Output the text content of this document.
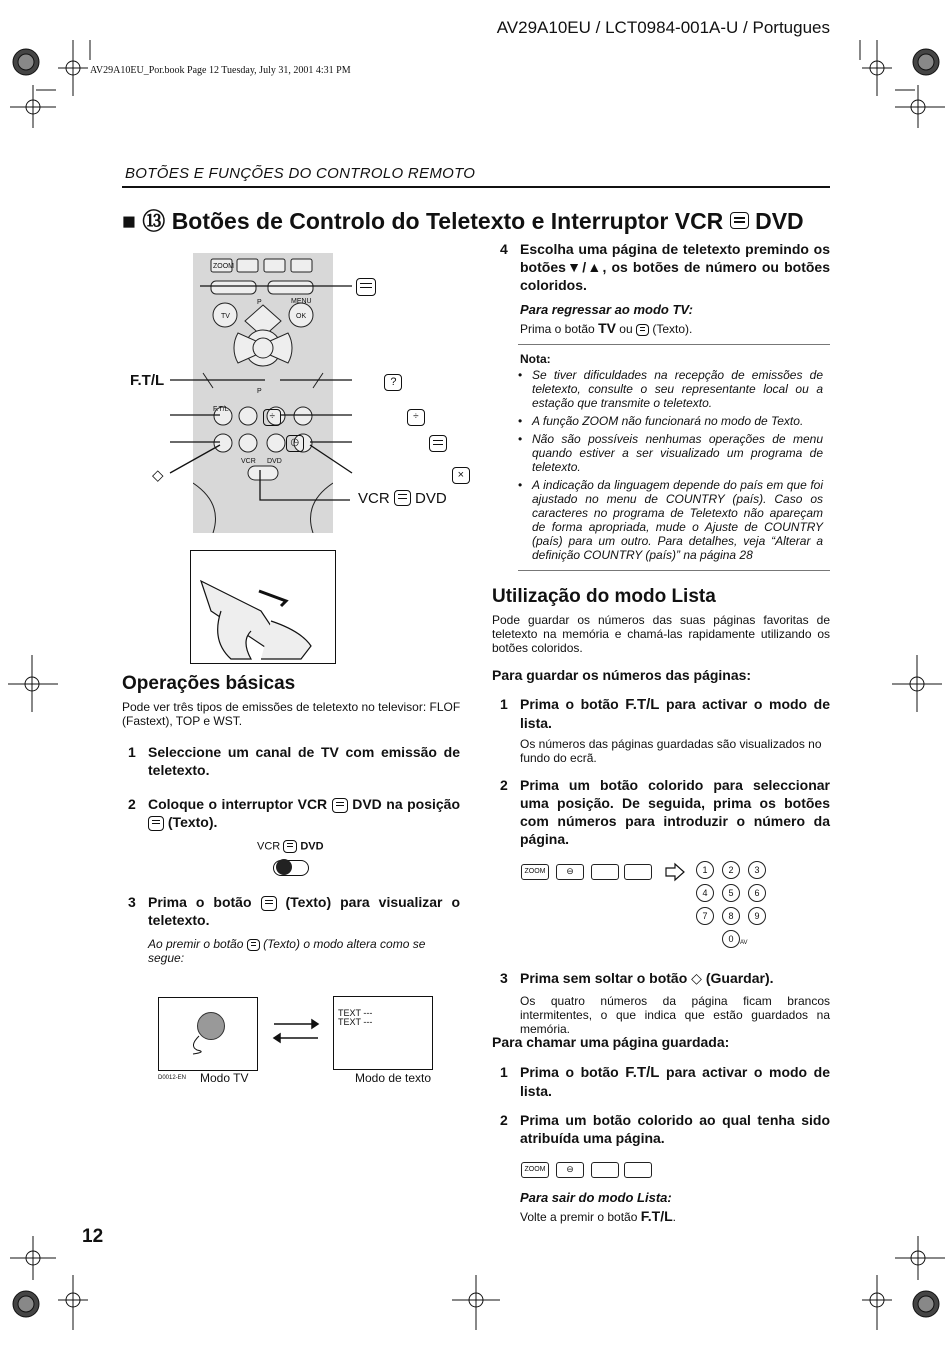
AV29A10EU / LCT0984-001A-U / Portugues
AV29A10EU_Por.book Page 12 Tuesday, July 31, 2001 4:31 PM
BOTÕES E FUNÇÕES DO CONTROLO REMOTO
■ ⑬ Botões de Controlo do Teletexto e Interruptor VCR DVD
ZOOM
MENU
TV	OK
P
P
F.T/L
VCR DVD
F.T/L	? ÷
× ÷ ◷
◇
VCR DVD
Operações básicas
Pode ver três tipos de emissões de teletexto no televisor: FLOF (Fastext), TOP e WST.
1 Seleccione um canal de TV com emissão de teletexto.
2 Coloque o interruptor VCR DVD na posição
(Texto).
VCR DVD
3 Prima o botão (Texto) para visualizar o teletexto.
Ao premir o botão (Texto) o modo altera como se segue:
TEXT ---
TEXT ---
D0012-EN Modo TV	Modo de texto
12
4 Escolha uma página de teletexto premindo os botões▼/▲, os botões de número ou botões coloridos.
Para regressar ao modo TV:
Prima o botão TV ou (Texto).
Nota:
• Se tiver dificuldades na recepção de emissões de teletexto, consulte o seu representante local ou a estação que transmite o teletexto.
• A função ZOOM não funcionará no modo de Texto.
• Não são possíveis nenhumas operações de menu quando estiver a ser visualizado um programa de teletexto.
• A indicação da linguagem depende do país em que foi ajustado no menu de COUNTRY (país). Caso os caracteres no programa de Teletexto não apareçam de forma apropriada, mude o Ajuste de COUNTRY (país) para um outro. Para detalhes, veja “Alterar a definição COUNTRY (país)” na página 28
Utilização do modo Lista
Pode guardar os números das suas páginas favoritas de teletexto na memória e chamá-las rapidamente utilizando os botões coloridos.
Para guardar os números das páginas:
1 Prima o botão F.T/L para activar o modo de lista.
Os números das páginas guardadas são visualizados no fundo do ecrã.
2 Prima um botão colorido para seleccionar uma posição. De seguida, prima os botões com números para introduzir o número da página.
ZOOM	⊖	1	2	3
4	5	6
7	8	9
0	AV
3 Prima sem soltar o botão ◇ (Guardar).
Os quatro números da página ficam brancos intermitentes, o que indica que estão guardados na memória.
Para chamar uma página guardada:
1 Prima o botão F.T/L para activar o modo de lista.
2 Prima um botão colorido ao qual tenha sido atribuída uma página.
ZOOM	⊖
Para sair do modo Lista:
Volte a premir o botão F.T/L.
